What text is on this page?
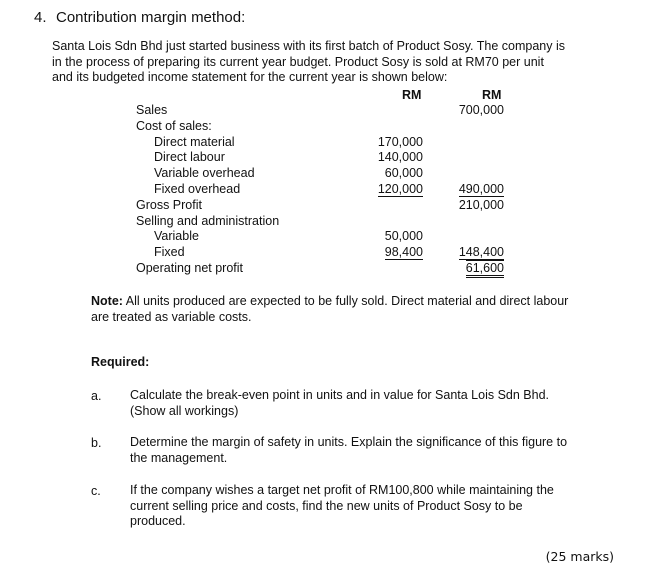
4. Contribution margin method:
Santa Lois Sdn Bhd just started business with its first batch of Product Sosy. The company is
in the process of preparing its current year budget. Product Sosy is sold at RM70 per unit
and its budgeted income statement for the current year is shown below:
RM	RM
Sales
Cost of sales:
Direct material
Direct labour
Variable overhead
Fixed overhead
Gross Profit
Selling and administration
Variable
Fixed
Operating net profit
170,000
140,000
60,000
120,000
50,000
98,400
700,000
490,000
210,000
148,400
61,600
Note: All units produced are expected to be fully sold. Direct material and direct labour
are treated as variable costs.
Required:
a. Calculate the break-even point in units and in value for Santa Lois Sdn Bhd.
(Show all workings)
b. Determine the margin of safety in units. Explain the significance of this figure to
the management.
c. If the company wishes a target net profit of RM100,800 while maintaining the
current selling price and costs, find the new units of Product Sosy to be
produced.
(25 marks)
